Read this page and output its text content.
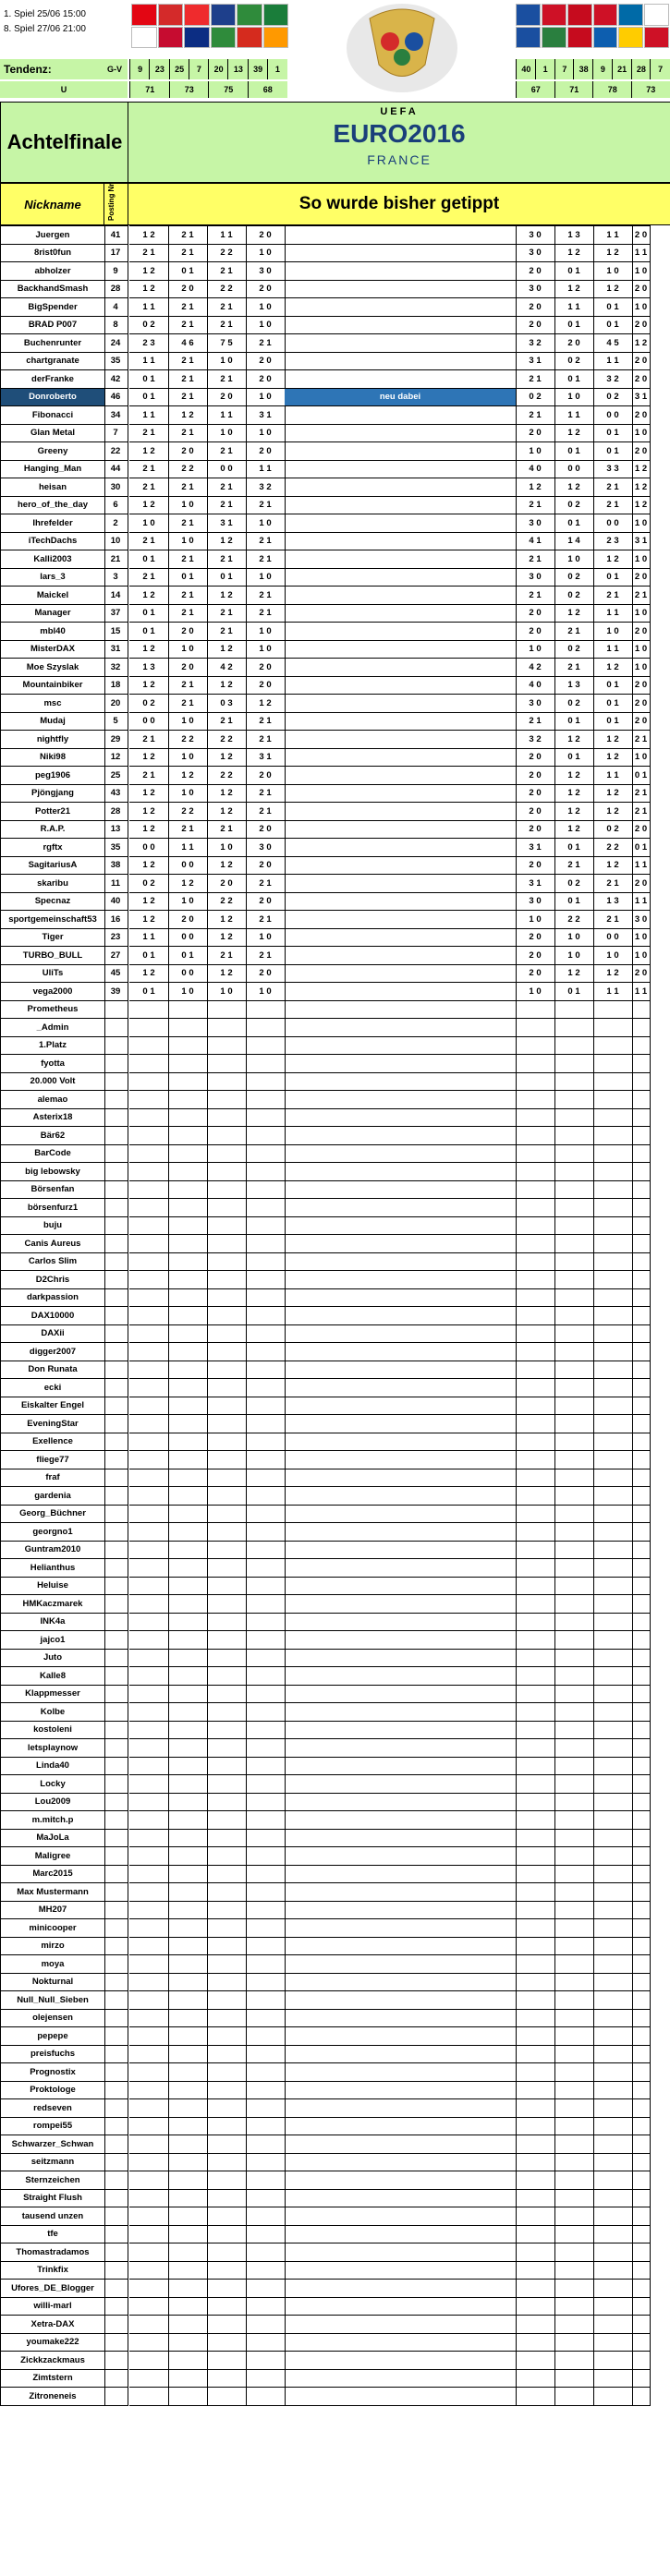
1. Spiel 25/06 15:00
8. Spiel 27/06 21:00
Tendenz:	G-V	9	23	25	7	20	13	39	1	40	1	7	38	9	21	28	7
U	71	73	75	68	67	71	78	73
Achtelfinale
UEFA
EURO2016
FRANCE
Nickname	Posting Nr.	So wurde bisher getippt
Juergen	41	1 2	2 1	1 1	2 0	3 0	1 3	1 1	2 0
8rist0fun	17	2 1	2 1	2 2	1 0	3 0	1 2	1 2	1 1
abholzer	9	1 2	0 1	2 1	3 0	2 0	0 1	1 0	1 0
BackhandSmash	28	1 2	2 0	2 2	2 0	3 0	1 2	1 2	2 0
BigSpender	4	1 1	2 1	2 1	1 0	2 0	1 1	0 1	1 0
BRAD P007	8	0 2	2 1	2 1	1 0	2 0	0 1	0 1	2 0
Buchenrunter	24	2 3	4 6	7 5	2 1	3 2	2 0	4 5	1 2
chartgranate	35	1 1	2 1	1 0	2 0	3 1	0 2	1 1	2 0
derFranke	42	0 1	2 1	2 1	2 0	2 1	0 1	3 2	2 0
Donroberto	46	0 1	2 1	2 0	1 0	neu dabei	0 2	1 0	0 2	3 1
Fibonacci	34	1 1	1 2	1 1	3 1	2 1	1 1	0 0	2 0
Glan Metal	7	2 1	2 1	1 0	1 0	2 0	1 2	0 1	1 0
Greeny	22	1 2	2 0	2 1	2 0	1 0	0 1	0 1	2 0
Hanging_Man	44	2 1	2 2	0 0	1 1	4 0	0 0	3 3	1 2
heisan	30	2 1	2 1	2 1	3 2	1 2	1 2	2 1	1 2
hero_of_the_day	6	1 2	1 0	2 1	2 1	2 1	0 2	2 1	1 2
Ihrefelder	2	1 0	2 1	3 1	1 0	3 0	0 1	0 0	1 0
iTechDachs	10	2 1	1 0	1 2	2 1	4 1	1 4	2 3	3 1
Kalli2003	21	0 1	2 1	2 1	2 1	2 1	1 0	1 2	1 0
lars_3	3	2 1	0 1	0 1	1 0	3 0	0 2	0 1	2 0
Maickel	14	1 2	2 1	1 2	2 1	2 1	0 2	2 1	2 1
Manager	37	0 1	2 1	2 1	2 1	2 0	1 2	1 1	1 0
mbl40	15	0 1	2 0	2 1	1 0	2 0	2 1	1 0	2 0
MisterDAX	31	1 2	1 0	1 2	1 0	1 0	0 2	1 1	1 0
Moe Szyslak	32	1 3	2 0	4 2	2 0	4 2	2 1	1 2	1 0
Mountainbiker	18	1 2	2 1	1 2	2 0	4 0	1 3	0 1	2 0
msc	20	0 2	2 1	0 3	1 2	3 0	0 2	0 1	2 0
Mudaj	5	0 0	1 0	2 1	2 1	2 1	0 1	0 1	2 0
nightfly	29	2 1	2 2	2 2	2 1	3 2	1 2	1 2	2 1
Niki98	12	1 2	1 0	1 2	3 1	2 0	0 1	1 2	1 0
peg1906	25	2 1	1 2	2 2	2 0	2 0	1 2	1 1	0 1
Pjöngjang	43	1 2	1 0	1 2	2 1	2 0	1 2	1 2	2 1
Potter21	28	1 2	2 2	1 2	2 1	2 0	1 2	1 2	2 1
R.A.P.	13	1 2	2 1	2 1	2 0	2 0	1 2	0 2	2 0
rgftx	35	0 0	1 1	1 0	3 0	3 1	0 1	2 2	0 1
SagitariusA	38	1 2	0 0	1 2	2 0	2 0	2 1	1 2	1 1
skaribu	11	0 2	1 2	2 0	2 1	3 1	0 2	2 1	2 0
Specnaz	40	1 2	1 0	2 2	2 0	3 0	0 1	1 3	1 1
sportgemeinschaft53	16	1 2	2 0	1 2	2 1	1 0	2 2	2 1	3 0
Tiger	23	1 1	0 0	1 2	1 0	2 0	1 0	0 0	1 0
TURBO_BULL	27	0 1	0 1	2 1	2 1	2 0	1 0	1 0	1 0
UliTs	45	1 2	0 0	1 2	2 0	2 0	1 2	1 2	2 0
vega2000	39	0 1	1 0	1 0	1 0	1 0	0 1	1 1	1 1
Prometheus
_Admin
1.Platz
fyotta
20.000 Volt
alemao
Asterix18
Bär62
BarCode
big lebowsky
Börsenfan
börsenfurz1
buju
Canis Aureus
Carlos Slim
D2Chris
darkpassion
DAX10000
DAXii
digger2007
Don Runata
ecki
Eiskalter Engel
EveningStar
Exellence
fliege77
fraf
gardenia
Georg_Büchner
georgno1
Guntram2010
Helianthus
Heluise
HMKaczmarek
INK4a
jajco1
Juto
Kalle8
Klappmesser
Kolbe
kostoleni
letsplaynow
Linda40
Locky
Lou2009
m.mitch.p
MaJoLa
Maligree
Marc2015
Max Mustermann
MH207
minicooper
mirzo
moya
Nokturnal
Null_Null_Sieben
olejensen
pepepe
preisfuchs
Prognostix
Proktologe
redseven
rompei55
Schwarzer_Schwan
seitzmann
Sternzeichen
Straight Flush
tausend unzen
tfe
Thomastradamos
Trinkfix
Ufores_DE_Blogger
willi-marl
Xetra-DAX
youmake222
Zickkzackmaus
Zimtstern
Zitroneneis
